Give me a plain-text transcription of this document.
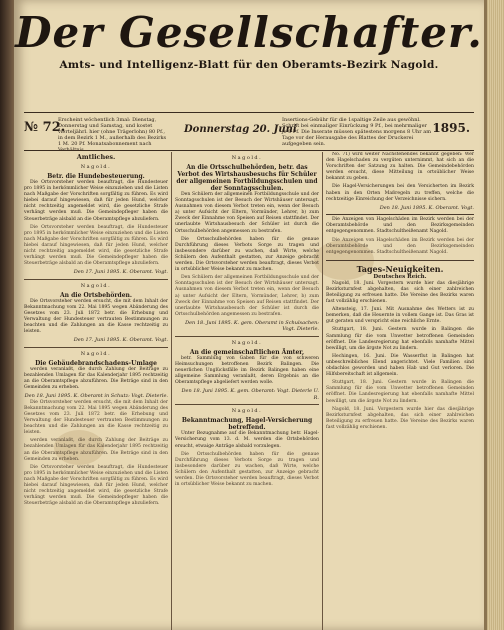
Der Gesellschafter.
Amts- und Intelligenz-Blatt für den Oberamts-Bezirk Nagold.
№ 72.
Erscheint wöchentlich 3mal: Dienstag, Donnerstag und Samstag, und kostet vierteljährl. hier (ohne Trägerlohn) 80 Pf., in dem Bezirk 1 M., außerhalb des Bezirks 1 M. 20 Pf. Monatsabonnement nach
Donnerstag 20. Juni
Insertions-Gebühr für die 1spaltige Zeile aus gewöhnl. Schrift bei einmaliger Einrückung 9 Pf., bei mehrmaliger je 6 Pf. Die Inserate müssen spätestens morgens 8 Uhr am Tage vor der Herausgabe des Blattes der Druckerei aufgegeben sein.
1895.
Amtliches.
Nagold.
Betr. die Hundebesteuerung.
Die Ortsvorsteher werden beauftragt, die Hundesteuer pro 1895 in herkömmlicher Weise einzuziehen und die Listen nach Maßgabe der Vorschriften sorgfältig zu führen. Es wird hiebei darauf hingewiesen, daß für jeden Hund, welcher nicht rechtzeitig angemeldet wird, die gesetzliche Strafe verhängt werden muß. Die Gemeindepfleger haben die Steuerbeträge alsbald an die Oberamtspflege abzuliefern.
Die Ortsvorsteher werden beauftragt, die Hundesteuer pro 1895 in herkömmlicher Weise einzuziehen und die Listen nach Maßgabe der Vorschriften sorgfältig zu führen. Es wird hiebei darauf hingewiesen, daß für jeden Hund, welcher nicht rechtzeitig angemeldet wird, die gesetzliche Strafe verhängt werden muß. Die Gemeindepfleger haben die Steuerbeträge alsbald an die Oberamtspflege abzuliefern.
Den 17. Juni 1895. K. Oberamt. Vogt.
Nagold.
An die Ortsbehörden.
Die Ortsvorsteher werden ersucht, die mit dem Inhalt der Bekanntmachung vom 22. Mai 1895 wegen Abänderung des Gesetzes vom 23. Juli 1872 betr. die Erhebung und Verwaltung der Hundesteuer vertrauten Bestimmungen zu beachten und die Zahlungen an die Kasse rechtzeitig zu leisten.
Den 17. Juni 1895. K. Oberamt. Vogt.
Nagold.
Die Gebäudebrandschadens-Umlage
werden veranlaßt, die durch Zahlung der Beiträge zu bezahlenden Umlagen für das Kalenderjahr 1895 rechtzeitig an die Oberamtspflege abzuführen. Die Beträge sind in den Gemeinden zu erheben.
Den 18. Juni 1895. K. Oberamt in Schutz: Vogt. Dieterle.
Die Ortsvorsteher werden ersucht, die mit dem Inhalt der Bekanntmachung vom 22. Mai 1895 wegen Abänderung des Gesetzes vom 23. Juli 1872 betr. die Erhebung und Verwaltung der Hundesteuer vertrauten Bestimmungen zu beachten und die Zahlungen an die Kasse rechtzeitig zu leisten.
werden veranlaßt, die durch Zahlung der Beiträge zu bezahlenden Umlagen für das Kalenderjahr 1895 rechtzeitig an die Oberamtspflege abzuführen. Die Beträge sind in den Gemeinden zu erheben.
Die Ortsvorsteher werden beauftragt, die Hundesteuer pro 1895 in herkömmlicher Weise einzuziehen und die Listen nach Maßgabe der Vorschriften sorgfältig zu führen. Es wird hiebei darauf hingewiesen, daß für jeden Hund, welcher nicht rechtzeitig angemeldet wird, die gesetzliche Strafe verhängt werden muß. Die Gemeindepfleger haben die Steuerbeträge alsbald an die Oberamtspflege abzuliefern.
Nagold.
An die Ortsschulbehörden, betr. das Verbot des Wirtshausbesuchs für Schüler der allgemeinen Fortbildungsschulen und der Sonntagsschulen.
Den Schülern der allgemeinen Fortbildungsschule und der Sonntagsschulen ist der Besuch der Wirtshäuser untersagt. Ausnahmen von diesem Verbot treten ein, wenn der Besuch a) unter Aufsicht der Eltern, Vormünder, Lehrer, b) zum Zweck der Einnahme von Speisen auf Reisen stattfindet. Der unerlaubte Wirtshausbesuch der Schüler ist durch die Ortsschulbehörden angemessen zu bestrafen.
Die Ortsschulbehörden haben für die genaue Durchführung dieses Verbots Sorge zu tragen und insbesondere darüber zu wachen, daß Wirte, welche Schülern den Aufenthalt gestatten, zur Anzeige gebracht werden. Die Ortsvorsteher werden beauftragt, dieses Verbot in ortsüblicher Weise bekannt zu machen.
Den Schülern der allgemeinen Fortbildungsschule und der Sonntagsschulen ist der Besuch der Wirtshäuser untersagt. Ausnahmen von diesem Verbot treten ein, wenn der Besuch a) unter Aufsicht der Eltern, Vormünder, Lehrer, b) zum Zweck der Einnahme von Speisen auf Reisen stattfindet. Der unerlaubte Wirtshausbesuch der Schüler ist durch die Ortsschulbehörden angemessen zu bestrafen.
Den 18. Juni 1895. K. gem. Oberamt in Schulsachen: Vogt. Dieterle.
Nagold.
An die gemeinschaftlichen Ämter,
betr. Sammlung von Gaben für die von schweren Heimsuchungen betroffenen Bezirk Balingen. Die neuerlichen Unglücksfälle im Bezirk Balingen haben eine allgemeine Sammlung veranlaßt, deren Ergebnis an die Oberamtspflege abgeliefert werden wolle.
Den 18. Juni 1895. K. gem. Oberamt: Vogt. Dieterle U. R.
Nagold.
Bekanntmachung, Hagel-Versicherung betreffend.
Unter Bezugnahme auf die Bekanntmachung betr. Hagel-Versicherung vom 13. d. M. werden die Ortsbehörden ersucht, etwaige Anträge alsbald vorzulegen.
Die Ortsschulbehörden haben für die genaue Durchführung dieses Verbots Sorge zu tragen und insbesondere darüber zu wachen, daß Wirte, welche Schülern den Aufenthalt gestatten, zur Anzeige gebracht werden. Die Ortsvorsteher werden beauftragt, dieses Verbot in ortsüblicher Weise bekannt zu machen.
No. 71) wird weiter Nachstehendes bekannt gegeben: Wer den Hagelschaden zu vergüten unternimmt, hat sich an die Vorschriften der Satzung zu halten. Die Gemeindebehörden werden ersucht, diese Mitteilung in ortsüblicher Weise bekannt zu geben.
Die Hagel-Versicherungen bei den Versicherten im Bezirk haben in den Orten Maßregeln zu treffen, welche die rechtzeitige Einreichung der Verzeichnisse sichern.
Den 18. Juni 1895. K. Oberamt. Vogt.
Die Anzeigen von Hagelschäden im Bezirk werden bei der Oberamtsbehörde und den Bezirksgemeinden entgegengenommen. Stadtschultheißenamt Nagold.
Die Anzeigen von Hagelschäden im Bezirk werden bei der Oberamtsbehörde und den Bezirksgemeinden entgegengenommen. Stadtschultheißenamt Nagold.
Tages-Neuigkeiten.
Deutsches Reich.
Nagold, 18. Juni. Vorgestern wurde hier das diesjährige Bezirksturnfest abgehalten, das sich einer zahlreichen Beteiligung zu erfreuen hatte. Die Vereine des Bezirks waren fast vollzählig erschienen.
Altensteig, 17. Juni. Mit Ausnahme des Wetters ist zu bemerken, daß die Heuernte in vollem Gange ist. Das Gras ist gut geraten und verspricht eine reichliche Ernte.
Stuttgart, 18. Juni. Gestern wurde in Balingen die Sammlung für die vom Unwetter betroffenen Gemeinden eröffnet. Die Landesregierung hat ebenfalls namhafte Mittel bewilligt, um die ärgste Not zu lindern.
Hechingen, 16. Juni. Die Wasserflut in Balingen hat unbeschreibliches Elend angerichtet. Viele Familien sind obdachlos geworden und haben Hab und Gut verloren. Die Hilfsbereitschaft ist allgemein.
Stuttgart, 18. Juni. Gestern wurde in Balingen die Sammlung für die vom Unwetter betroffenen Gemeinden eröffnet. Die Landesregierung hat ebenfalls namhafte Mittel bewilligt, um die ärgste Not zu lindern.
Nagold, 18. Juni. Vorgestern wurde hier das diesjährige Bezirksturnfest abgehalten, das sich einer zahlreichen Beteiligung zu erfreuen hatte. Die Vereine des Bezirks waren fast vollzählig erschienen.
